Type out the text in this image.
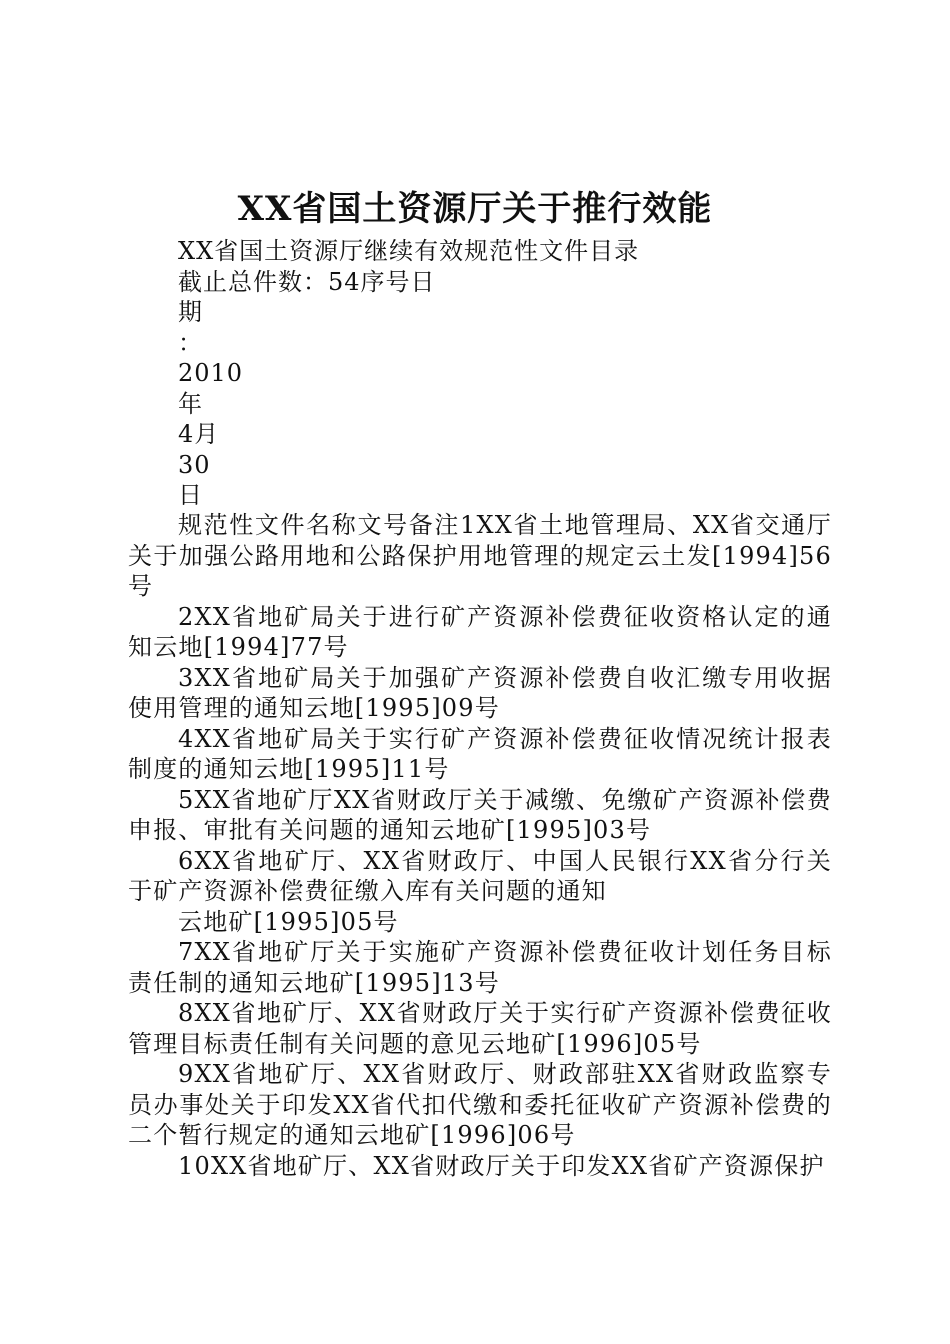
XX省国土资源厅关于推行效能
XX省国土资源厅继续有效规范性文件目录
截止总件数：54序号日
期
：
2010
年
4月
30
日

规范性文件名称文号备注1XX省土地管理局、XX省交通厅关于加强公路用地和公路保护用地管理的规定云土发[1994]56号

2XX省地矿局关于进行矿产资源补偿费征收资格认定的通知云地[1994]77号

3XX省地矿局关于加强矿产资源补偿费自收汇缴专用收据使用管理的通知云地[1995]09号

4XX省地矿局关于实行矿产资源补偿费征收情况统计报表制度的通知云地[1995]11号

5XX省地矿厅XX省财政厅关于减缴、免缴矿产资源补偿费申报、审批有关问题的通知云地矿[1995]03号

6XX省地矿厅、XX省财政厅、中国人民银行XX省分行关于矿产资源补偿费征缴入库有关问题的通知

云地矿[1995]05号

7XX省地矿厅关于实施矿产资源补偿费征收计划任务目标责任制的通知云地矿[1995]13号

8XX省地矿厅、XX省财政厅关于实行矿产资源补偿费征收管理目标责任制有关问题的意见云地矿[1996]05号

9XX省地矿厅、XX省财政厅、财政部驻XX省财政监察专员办事处关于印发XX省代扣代缴和委托征收矿产资源补偿费的二个暂行规定的通知云地矿[1996]06号

10XX省地矿厅、XX省财政厅关于印发XX省矿产资源保护
